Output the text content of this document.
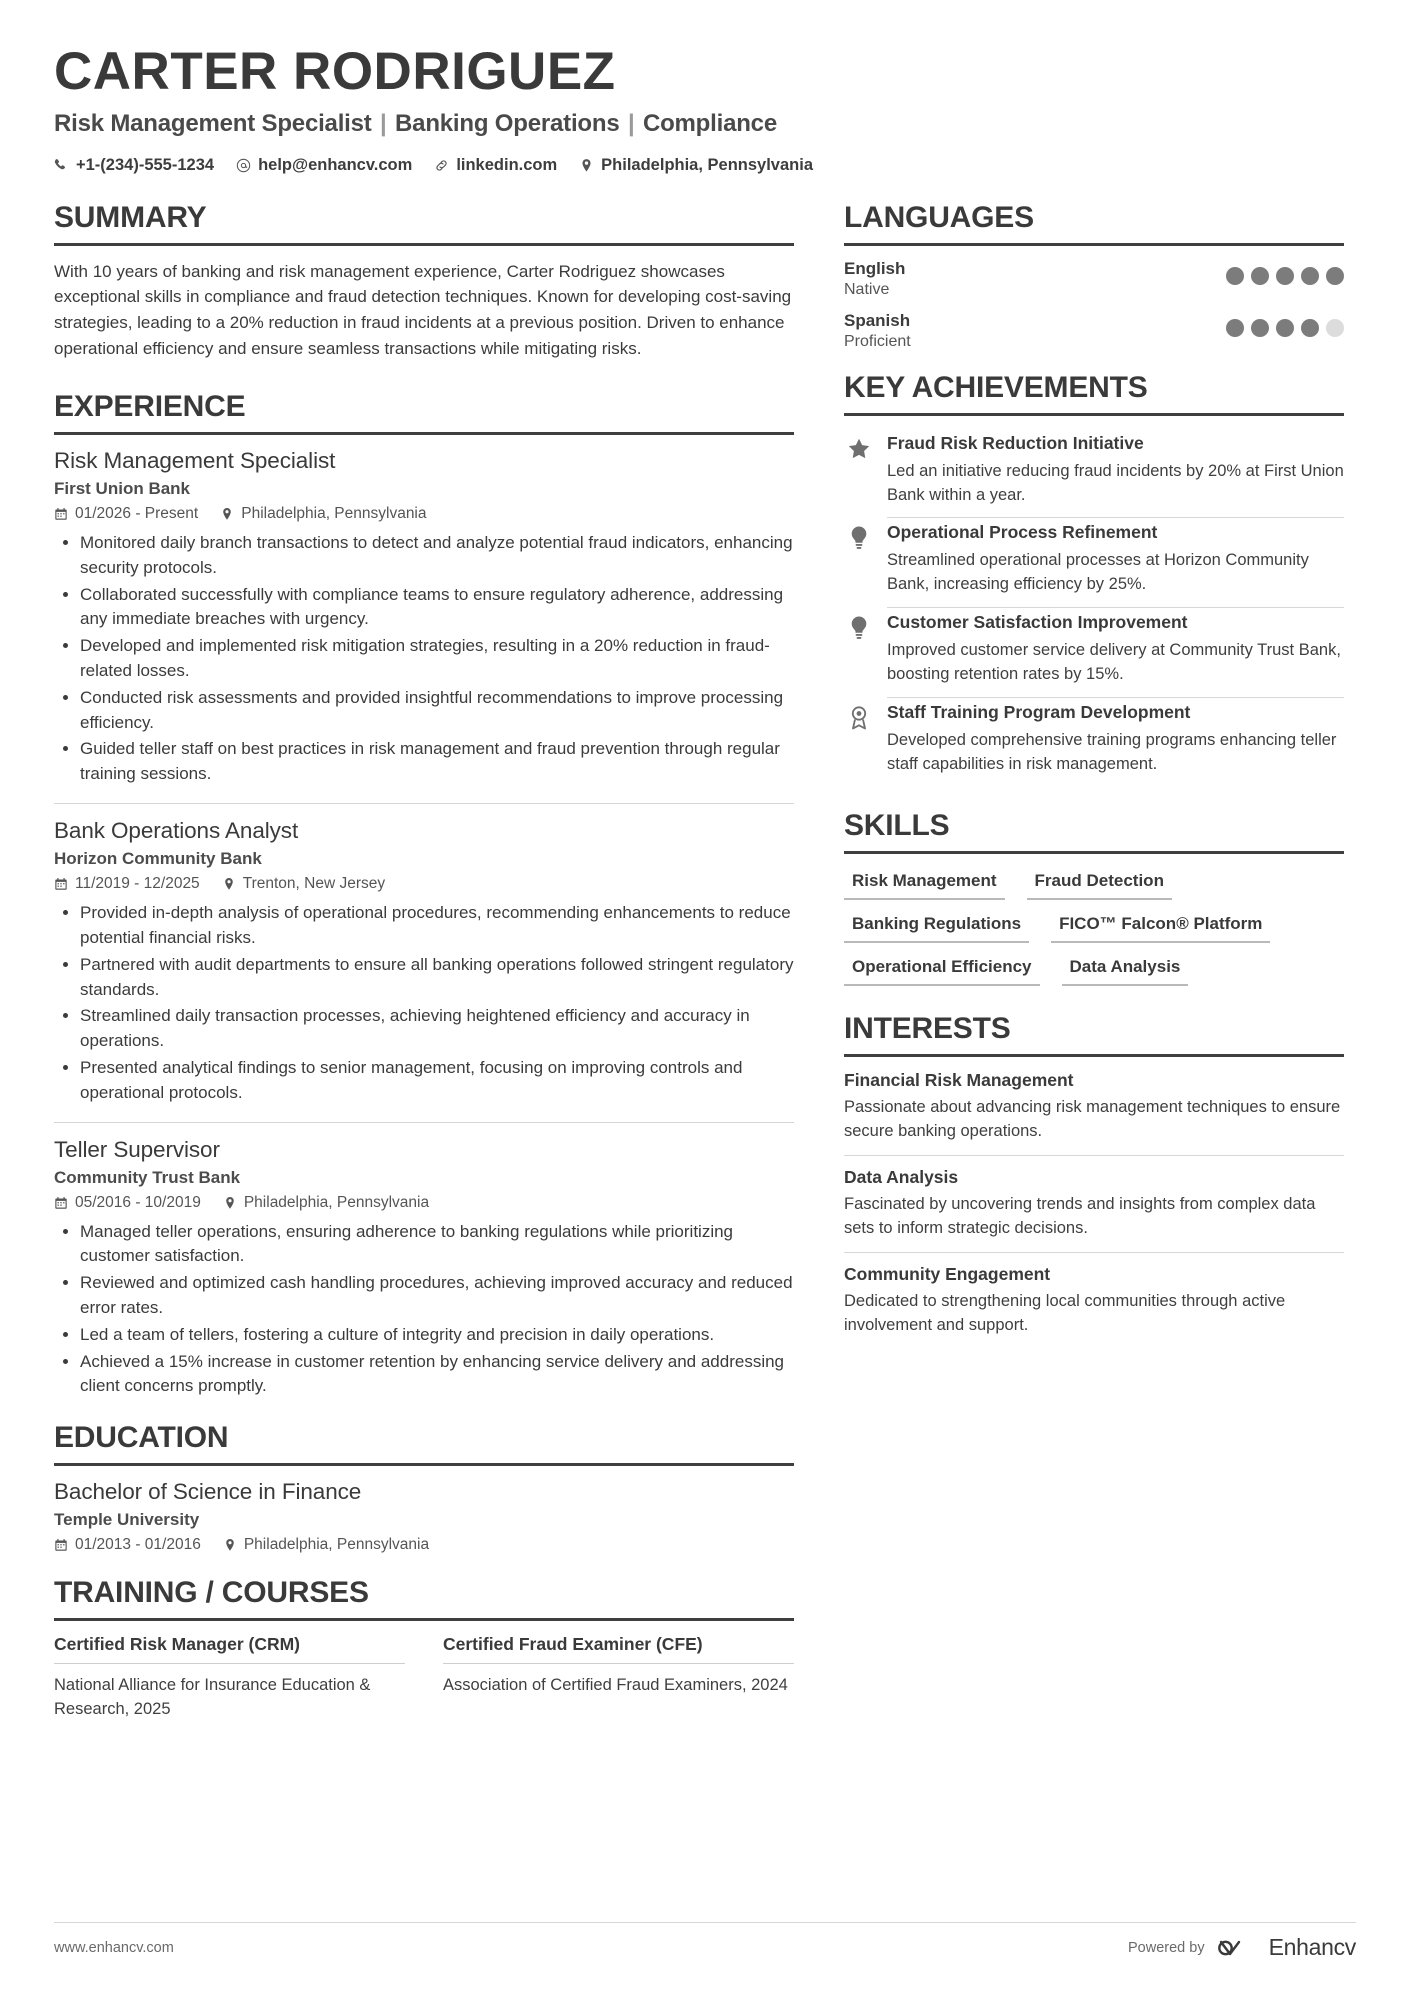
CARTER RODRIGUEZ
Risk Management Specialist | Banking Operations | Compliance
+1-(234)-555-1234	help@enhancv.com	linkedin.com	Philadelphia, Pennsylvania
SUMMARY

With 10 years of banking and risk management experience, Carter Rodriguez showcases exceptional skills in compliance and fraud detection techniques. Known for developing cost-saving strategies, leading to a 20% reduction in fraud incidents at a previous position. Driven to enhance operational efficiency and ensure seamless transactions while mitigating risks.

EXPERIENCE
Risk Management Specialist
First Union Bank
01/2026 - Present	Philadelphia, Pennsylvania
• Monitored daily branch transactions to detect and analyze potential fraud indicators, enhancing security protocols.
• Collaborated successfully with compliance teams to ensure regulatory adherence, addressing any immediate breaches with urgency.
• Developed and implemented risk mitigation strategies, resulting in a 20% reduction in fraud-related losses.
• Conducted risk assessments and provided insightful recommendations to improve processing efficiency.
• Guided teller staff on best practices in risk management and fraud prevention through regular training sessions.
Bank Operations Analyst
Horizon Community Bank
11/2019 - 12/2025	Trenton, New Jersey
• Provided in-depth analysis of operational procedures, recommending enhancements to reduce potential financial risks.
• Partnered with audit departments to ensure all banking operations followed stringent regulatory standards.
• Streamlined daily transaction processes, achieving heightened efficiency and accuracy in operations.
• Presented analytical findings to senior management, focusing on improving controls and operational protocols.
Teller Supervisor
Community Trust Bank
05/2016 - 10/2019	Philadelphia, Pennsylvania
• Managed teller operations, ensuring adherence to banking regulations while prioritizing customer satisfaction.
• Reviewed and optimized cash handling procedures, achieving improved accuracy and reduced error rates.
• Led a team of tellers, fostering a culture of integrity and precision in daily operations.
• Achieved a 15% increase in customer retention by enhancing service delivery and addressing client concerns promptly.
EDUCATION
Bachelor of Science in Finance
Temple University
01/2013 - 01/2016	Philadelphia, Pennsylvania
TRAINING / COURSES
Certified Risk Manager (CRM)
National Alliance for Insurance Education & Research, 2025
Certified Fraud Examiner (CFE)
Association of Certified Fraud Examiners, 2024
LANGUAGES
English
Native
Spanish
Proficient
KEY ACHIEVEMENTS
Fraud Risk Reduction Initiative
Led an initiative reducing fraud incidents by 20% at First Union Bank within a year.
Operational Process Refinement
Streamlined operational processes at Horizon Community Bank, increasing efficiency by 25%.
Customer Satisfaction Improvement
Improved customer service delivery at Community Trust Bank, boosting retention rates by 15%.
Staff Training Program Development
Developed comprehensive training programs enhancing teller staff capabilities in risk management.
SKILLS
Risk Management	Fraud Detection
Banking Regulations	FICO™ Falcon® Platform
Operational Efficiency	Data Analysis
INTERESTS
Financial Risk Management
Passionate about advancing risk management techniques to ensure secure banking operations.
Data Analysis
Fascinated by uncovering trends and insights from complex data sets to inform strategic decisions.
Community Engagement
Dedicated to strengthening local communities through active involvement and support.
www.enhancv.com	Powered by	Enhancv
